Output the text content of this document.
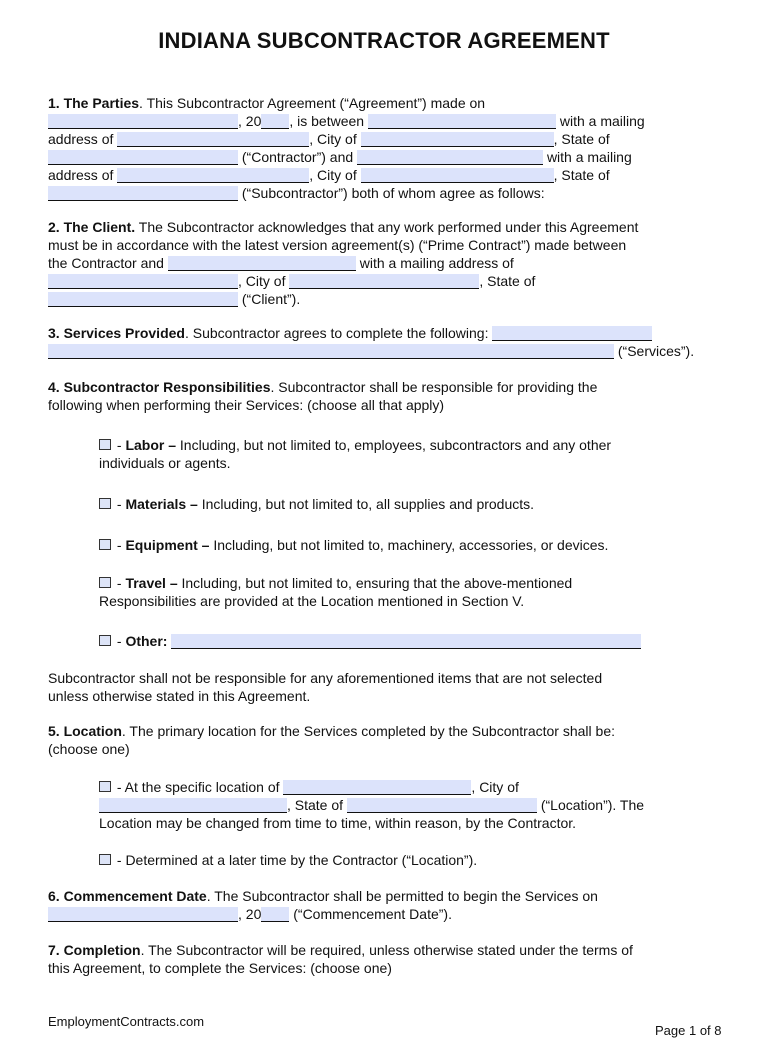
INDIANA SUBCONTRACTOR AGREEMENT
1. The Parties. This Subcontractor Agreement (“Agreement”) made on
, 20 , is between	with a mailing
address of	, City of	, State of
(“Contractor”) and	with a mailing
address of	, City of	, State of
(“Subcontractor”) both of whom agree as follows:
2. The Client. The Subcontractor acknowledges that any work performed under this Agreement
must be in accordance with the latest version agreement(s) (“Prime Contract”) made between
the Contractor and	with a mailing address of
, City of	, State of
(“Client”).
3. Services Provided. Subcontractor agrees to complete the following:
(“Services”).
4. Subcontractor Responsibilities. Subcontractor shall be responsible for providing the
following when performing their Services: (choose all that apply)
- Labor – Including, but not limited to, employees, subcontractors and any other
individuals or agents.
- Materials – Including, but not limited to, all supplies and products.
- Equipment – Including, but not limited to, machinery, accessories, or devices.
- Travel – Including, but not limited to, ensuring that the above-mentioned
Responsibilities are provided at the Location mentioned in Section V.
- Other:
Subcontractor shall not be responsible for any aforementioned items that are not selected
unless otherwise stated in this Agreement.
5. Location. The primary location for the Services completed by the Subcontractor shall be:
(choose one)
- At the specific location of	, City of
, State of	(“Location”). The
Location may be changed from time to time, within reason, by the Contractor.
- Determined at a later time by the Contractor (“Location”).
6. Commencement Date. The Subcontractor shall be permitted to begin the Services on
, 20 (“Commencement Date”).
7. Completion. The Subcontractor will be required, unless otherwise stated under the terms of
this Agreement, to complete the Services: (choose one)
EmploymentContracts.com
Page 1 of 8
